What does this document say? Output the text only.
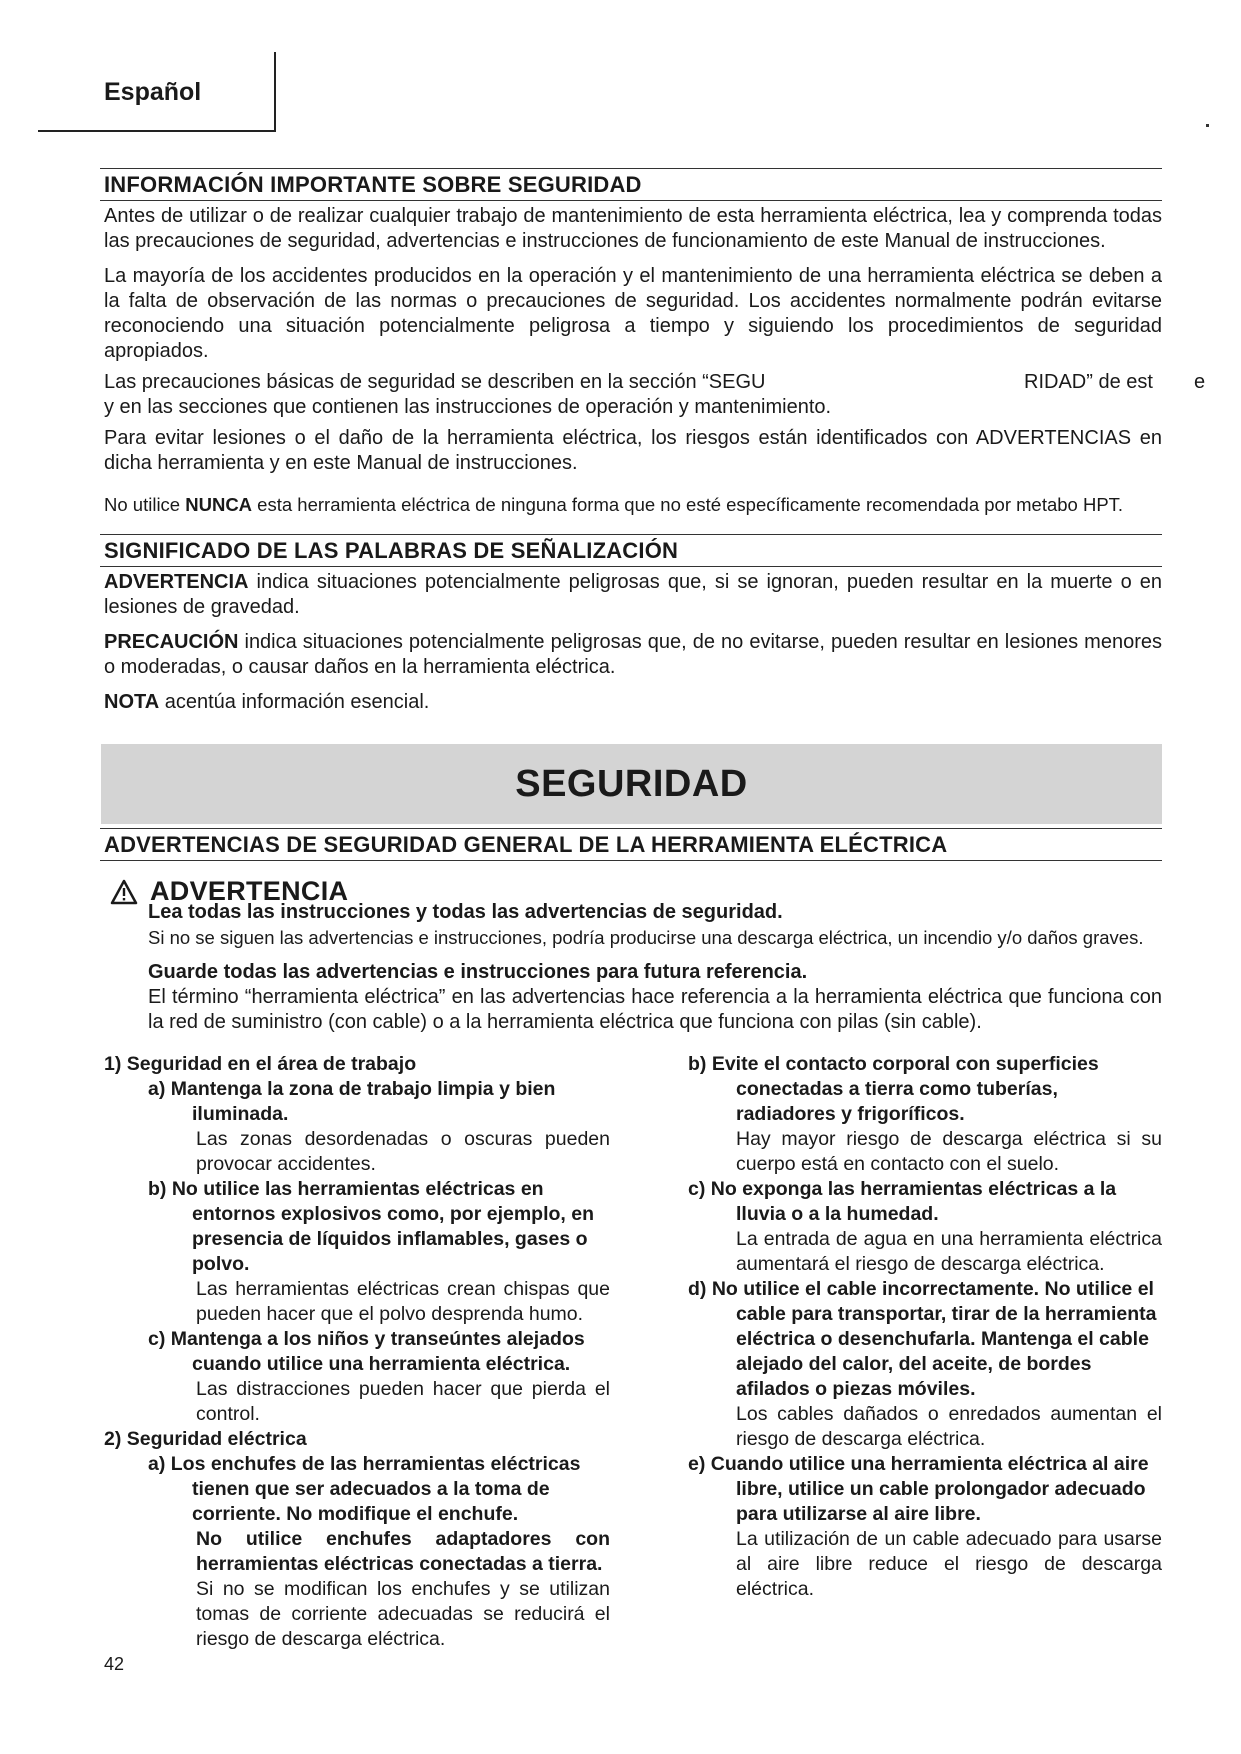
Español
INFORMACIÓN IMPORTANTE SOBRE SEGURIDAD

Antes de utilizar o de realizar cualquier trabajo de mantenimiento de esta herramienta eléctrica, lea y comprenda todas las precauciones de seguridad, advertencias e instrucciones de funcionamiento de este Manual de instrucciones.

La mayoría de los accidentes producidos en la operación y el mantenimiento de una herramienta eléctrica se deben a la falta de observación de las normas o precauciones de seguridad. Los accidentes normalmente podrán evitarse reconociendo una situación potencialmente peligrosa a tiempo y siguiendo los procedimientos de seguridad apropiados.

Las precauciones básicas de seguridad se describen en la sección “SEGU	RIDAD” de est e
y en las secciones que contienen las instrucciones de operación y mantenimiento.

Para evitar lesiones o el daño de la herramienta eléctrica, los riesgos están identificados con ADVERTENCIAS en dicha herramienta y en este Manual de instrucciones.

No utilice NUNCA esta herramienta eléctrica de ninguna forma que no esté específicamente recomendada por metabo HPT.

SIGNIFICADO DE LAS PALABRAS DE SEÑALIZACIÓN

ADVERTENCIA indica situaciones potencialmente peligrosas que, si se ignoran, pueden resultar en la muerte o en lesiones de gravedad.

PRECAUCIÓN indica situaciones potencialmente peligrosas que, de no evitarse, pueden resultar en lesiones menores o moderadas, o causar daños en la herramienta eléctrica.

NOTA acentúa información esencial.

SEGURIDAD
ADVERTENCIAS DE SEGURIDAD GENERAL DE LA HERRAMIENTA ELÉCTRICA
ADVERTENCIA

Lea todas las instrucciones y todas las advertencias de seguridad.

Si no se siguen las advertencias e instrucciones, podría producirse una descarga eléctrica, un incendio y/o daños graves.

Guarde todas las advertencias e instrucciones para futura referencia.

El término “herramienta eléctrica” en las advertencias hace referencia a la herramienta eléctrica que funciona con la red de suministro (con cable) o a la herramienta eléctrica que funciona con pilas (sin cable).

1) Seguridad en el área de trabajo
a) Mantenga la zona de trabajo limpia y bien iluminada.
Las zonas desordenadas o oscuras pueden provocar accidentes.
b) No utilice las herramientas eléctricas en entornos explosivos como, por ejemplo, en presencia de líquidos inflamables, gases o polvo.
Las herramientas eléctricas crean chispas que pueden hacer que el polvo desprenda humo.
c) Mantenga a los niños y transeúntes alejados cuando utilice una herramienta eléctrica.
Las distracciones pueden hacer que pierda el control.
2) Seguridad eléctrica
a) Los enchufes de las herramientas eléctricas tienen que ser adecuados a la toma de corriente. No modifique el enchufe.
No utilice enchufes adaptadores con herramientas eléctricas conectadas a tierra.
Si no se modifican los enchufes y se utilizan tomas de corriente adecuadas se reducirá el riesgo de descarga eléctrica.
b) Evite el contacto corporal con superficies conectadas a tierra como tuberías, radiadores y frigoríficos.
Hay mayor riesgo de descarga eléctrica si su cuerpo está en contacto con el suelo.
c) No exponga las herramientas eléctricas a la lluvia o a la humedad.
La entrada de agua en una herramienta eléctrica aumentará el riesgo de descarga eléctrica.
d) No utilice el cable incorrectamente. No utilice el cable para transportar, tirar de la herramienta eléctrica o desenchufarla. Mantenga el cable alejado del calor, del aceite, de bordes afilados o piezas móviles.
Los cables dañados o enredados aumentan el riesgo de descarga eléctrica.
e) Cuando utilice una herramienta eléctrica al aire libre, utilice un cable prolongador adecuado para utilizarse al aire libre.
La utilización de un cable adecuado para usarse al aire libre reduce el riesgo de descarga eléctrica.
42
